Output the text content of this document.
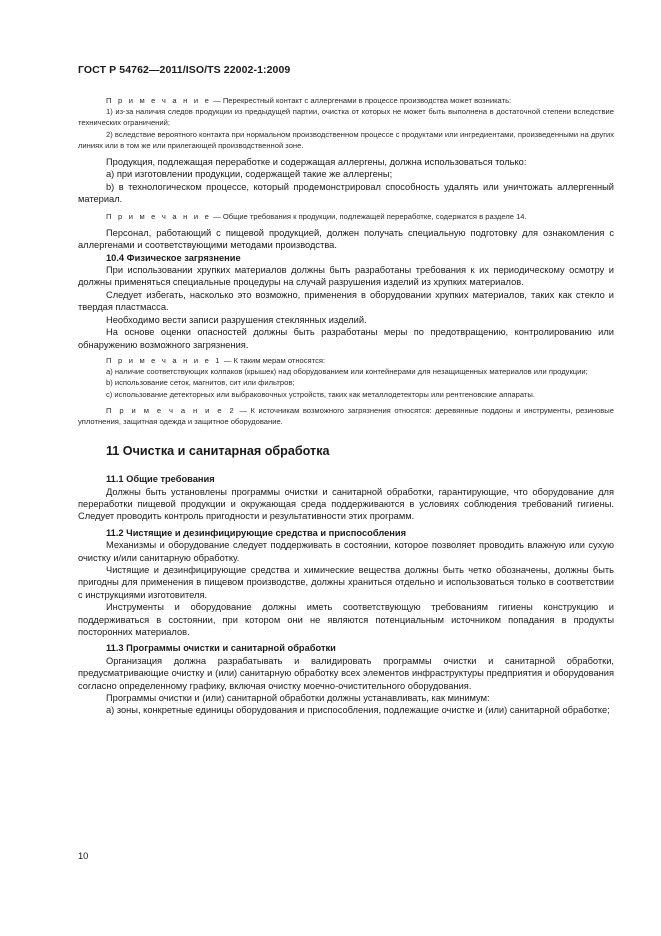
ГОСТ Р 54762—2011/ISO/TS 22002-1:2009

П р и м е ч а н и е — Перекрестный контакт с аллергенами в процессе производства может возникать:

1) из-за наличия следов продукции из предыдущей партии, очистка от которых не может быть выполнена в достаточной степени вследствие технических ограничений;

2) вследствие вероятного контакта при нормальном производственном процессе с продуктами или ингредиентами, произведенными на других линиях или в том же или прилегающей производственной зоне.

Продукция, подлежащая переработке и содержащая аллергены, должна использоваться только:

a) при изготовлении продукции, содержащей такие же аллергены;

b) в технологическом процессе, который продемонстрировал способность удалять или уничтожать аллергенный материал.

П р и м е ч а н и е — Общие требования к продукции, подлежащей переработке, содержатся в разделе 14.

Персонал, работающий с пищевой продукцией, должен получать специальную подготовку для ознакомления с аллергенами и соответствующими методами производства.

10.4 Физическое загрязнение

При использовании хрупких материалов должны быть разработаны требования к их периодическому осмотру и должны применяться специальные процедуры на случай разрушения изделий из хрупких материалов.

Следует избегать, насколько это возможно, применения в оборудовании хрупких материалов, таких как стекло и твердая пластмасса.

Необходимо вести записи разрушения стеклянных изделий.

На основе оценки опасностей должны быть разработаны меры по предотвращению, контролированию или обнаружению возможного загрязнения.

П р и м е ч а н и е 1 — К таким мерам относятся:

a) наличие соответствующих колпаков (крышек) над оборудованием или контейнерами для незащищенных материалов или продукции;

b) использование сеток, магнитов, сит или фильтров;

c) использование детекторных или выбраковочных устройств, таких как металлодетекторы или рентгеновские аппараты.

П р и м е ч а н и е 2 — К источникам возможного загрязнения относятся: деревянные поддоны и инструменты, резиновые уплотнения, защитная одежда и защитное оборудование.

11 Очистка и санитарная обработка

11.1 Общие требования

Должны быть установлены программы очистки и санитарной обработки, гарантирующие, что оборудование для переработки пищевой продукции и окружающая среда поддерживаются в условиях соблюдения требований гигиены. Следует проводить контроль пригодности и результативности этих программ.

11.2 Чистящие и дезинфицирующие средства и приспособления

Механизмы и оборудование следует поддерживать в состоянии, которое позволяет проводить влажную или сухую очистку и/или санитарную обработку.

Чистящие и дезинфицирующие средства и химические вещества должны быть четко обозначены, должны быть пригодны для применения в пищевом производстве, должны храниться отдельно и использоваться только в соответствии с инструкциями изготовителя.

Инструменты и оборудование должны иметь соответствующую требованиям гигиены конструкцию и поддерживаться в состоянии, при котором они не являются потенциальным источником попадания в продукты посторонних материалов.

11.3 Программы очистки и санитарной обработки

Организация должна разрабатывать и валидировать программы очистки и санитарной обработки, предусматривающие очистку и (или) санитарную обработку всех элементов инфраструктуры предприятия и оборудования согласно определенному графику, включая очистку моечно-очистительного оборудования.

Программы очистки и (или) санитарной обработки должны устанавливать, как минимум:

a) зоны, конкретные единицы оборудования и приспособления, подлежащие очистке и (или) санитарной обработке;

10
